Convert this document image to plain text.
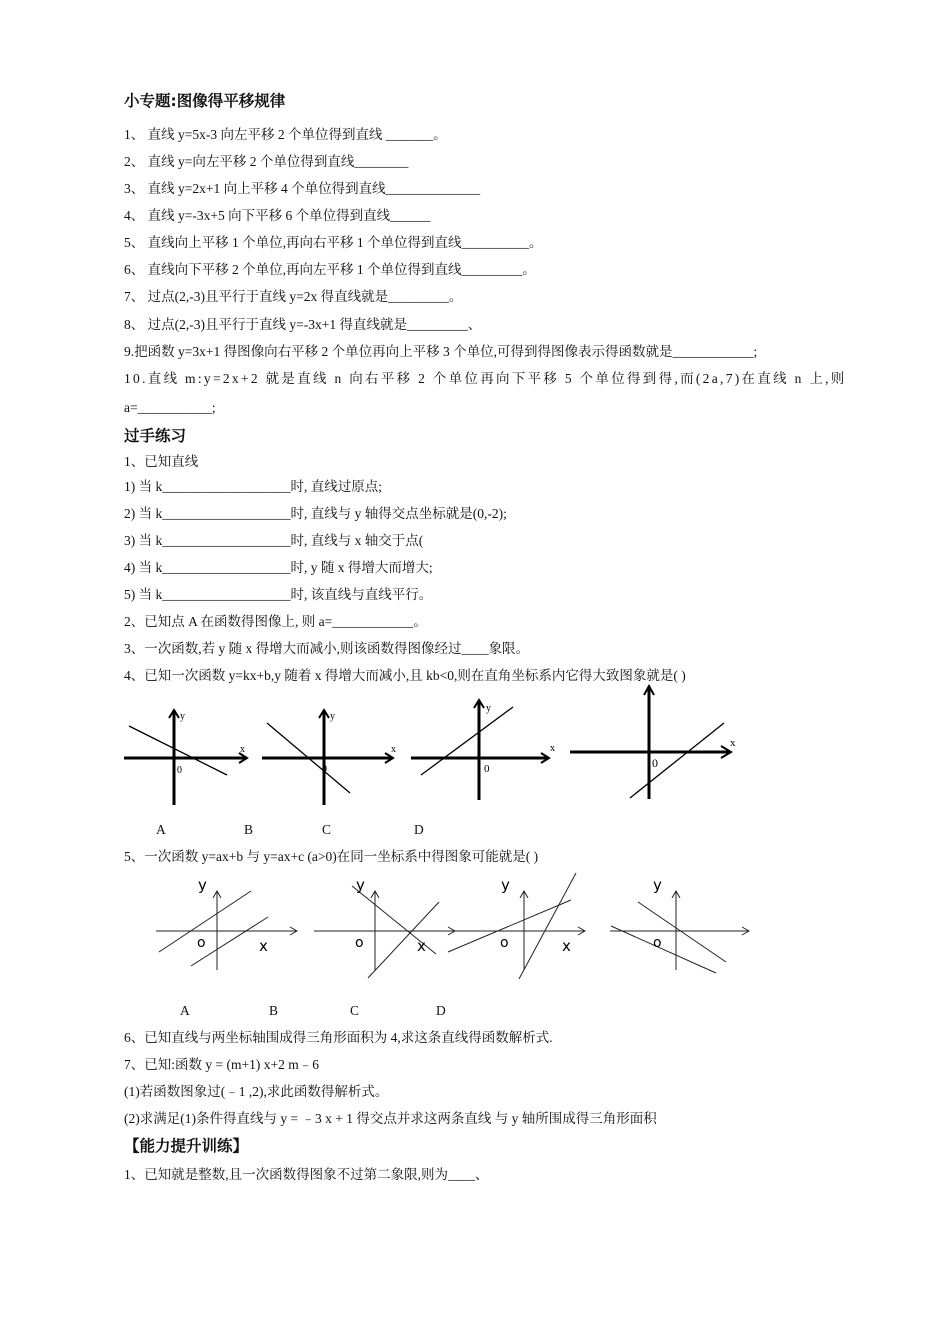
小专题:图像得平移规律
1、 直线 y=5x-3 向左平移 2 个单位得到直线 _______。
2、 直线 y=向左平移 2 个单位得到直线________
3、 直线 y=2x+1 向上平移 4 个单位得到直线______________
4、 直线 y=-3x+5 向下平移 6 个单位得到直线______
5、 直线向上平移 1 个单位,再向右平移 1 个单位得到直线__________。
6、 直线向下平移 2 个单位,再向左平移 1 个单位得到直线_________。
7、 过点(2,-3)且平行于直线 y=2x 得直线就是_________。
8、 过点(2,-3)且平行于直线 y=-3x+1 得直线就是_________、
9.把函数 y=3x+1 得图像向右平移 2 个单位再向上平移 3 个单位,可得到得图像表示得函数就是____________;
10.直线 m:y=2x+2 就是直线 n 向右平移 2 个单位再向下平移 5 个单位得到得,而(2a,7)在直线 n 上,则
a=___________;
过手练习
1、已知直线
1) 当 k___________________时, 直线过原点;
2) 当 k___________________时, 直线与 y 轴得交点坐标就是(0,-2);
3) 当 k___________________时, 直线与 x 轴交于点(
4) 当 k___________________时, y 随 x 得增大而增大;
5) 当 k___________________时, 该直线与直线平行。
2、已知点 A 在函数得图像上, 则 a=____________。
3、一次函数,若 y 随 x 得增大而减小,则该函数得图像经过____象限。
4、已知一次函数 y=kx+b,y 随着 x 得增大而减小,且 kb<0,则在直角坐标系内它得大致图象就是( )
y
x
0
y
x
0
y
x
0
x
0
A	B	C	D
5、一次函数 y=ax+b 与 y=ax+c (a>0)在同一坐标系中得图象可能就是( )
y
x
o
y
x
o
y
x
o
y
o
A	B	C	D
6、已知直线与两坐标轴围成得三角形面积为 4,求这条直线得函数解析式.
7、已知:函数 y = (m+1) x+2 m﹣6
(1)若函数图象过(﹣1 ,2),求此函数得解析式。
(2)求满足(1)条件得直线与 y = ﹣3 x + 1 得交点并求这两条直线 与 y 轴所围成得三角形面积
【能力提升训练】
1、已知就是整数,且一次函数得图象不过第二象限,则为____、
